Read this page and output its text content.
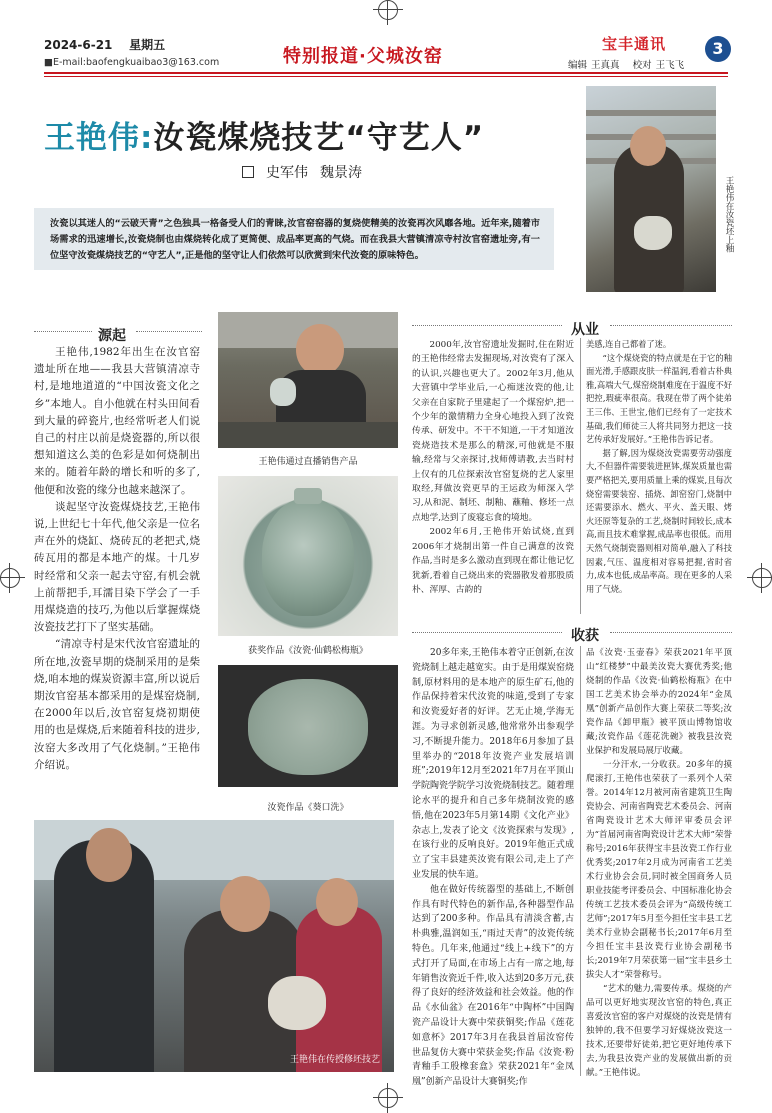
2024-6-21 星期五
■E-mail:baofengkuaibao3@163.com	特别报道·父城汝窑
宝丰通讯	3
编辑 王真真 校对 王飞飞
王艳伟:汝瓷煤烧技艺“守艺人”
史军伟 魏景涛
汝瓷以其迷人的“云破天青”之色独具一格备受人们的青睐,汝官窑窑器的复烧使精美的汝瓷再次风靡各地。近年来,随着市场需求的迅速增长,汝瓷烧制也由煤烧转化成了更简便、成品率更高的气烧。而在我县大营镇清凉寺村汝官窑遗址旁,有一位坚守汝瓷煤烧技艺的“守艺人”,正是他的坚守让人们依然可以欣赏到宋代汝瓷的原味特色。
王艳伟在汝瓷坯上釉
源起

王艳伟,1982年出生在汝官窑遗址所在地——我县大营镇清凉寺村,是地地道道的“中国汝瓷文化之乡”本地人。自小他就在村头田间看到大量的碎瓷片,也经常听老人们说自己的村庄以前是烧瓷器的,所以很想知道这么美的色彩是如何烧制出来的。随着年龄的增长和听的多了,他便和汝瓷的缘分也越来越深了。

谈起坚守汝瓷煤烧技艺,王艳伟说,上世纪七十年代,他父亲是一位名声在外的烧缸、烧砖瓦的老把式,烧砖瓦用的都是本地产的煤。十几岁时经常和父亲一起去守窑,有机会就上前帮把手,耳濡目染下学会了一手用煤烧造的技巧,为他以后掌握煤烧汝瓷技艺打下了坚实基础。

“清凉寺村是宋代汝官窑遗址的所在地,汝瓷早期的烧制采用的是柴烧,咱本地的煤炭资源丰富,所以说后期汝官窑基本都采用的是煤窑烧制,在2000年以后,汝官窑复烧初期使用的也是煤烧,后来随着科技的进步,汝窑大多改用了气化烧制。”王艳伟介绍说。

王艳伟通过直播销售产品
获奖作品《汝瓷·仙鹤松梅瓶》
汝瓷作品《葵口洗》
王艳伟在传授修坯技艺
从业

2000年,汝官窑遗址发掘时,住在附近的王艳伟经常去发掘现场,对汝瓷有了深入的认识,兴趣也更大了。2002年3月,他从大营镇中学毕业后,一心痴迷汝瓷的他,让父亲在自家院子里建起了一个煤窑炉,把一个少年的激情精力全身心地投入到了汝瓷传承、研发中。不干不知道,一干才知道汝瓷烧造技术是那么的精深,可他就是不服输,经常与父亲探讨,找师傅请教,去当时村上仅有的几位探索汝官窑复烧的艺人家里取经,拜做汝瓷更早的王运政为师深入学习,从和泥、制坯、制釉、蘸釉、修坯一点点地学,达到了废寝忘食的境地。

2002年6月,王艳伟开始试烧,直到2006年才烧制出第一件自己满意的汝瓷作品,当时是多么激动直到现在都让他记忆犹新,看着自己烧出来的瓷器散发着那股质朴、浑厚、古韵的

美感,连自己都着了迷。

“这个煤烧瓷的特点就是在于它的釉面光滑,手感跟皮肤一样温润,看着古朴典雅,高端大气,煤窑烧制难度在于温度不好把控,瑕疵率很高。我现在带了两个徒弟王三伟、王世宝,他们已经有了一定技术基础,我们师徒三人将共同努力把这一技艺传承好发展好。”王艳伟告诉记者。

据了解,因为煤烧汝瓷需要劳动强度大,不但器件需要装进匣钵,煤炭质量也需要严格把关,要用质量上乘的煤炭,且每次烧窑需要装窑、插烧、卸窑窑门,烧制中还需要添水、燃火、平火、盖天眼、烤火还原等复杂的工艺,烧制时间较长,成本高,而且技术难掌握,成品率也很低。而用天然气烧制瓷器则相对简单,融入了科技因素,气压、温度相对容易把握,省时省力,成本也低,成品率高。现在更多的人采用了气烧。

收获

20多年来,王艳伟本着守正创新,在汝瓷烧制上越走越宽实。由于是用煤炭窑烧制,原材料用的是本地产的原生矿石,他的作品保持着宋代汝瓷的味道,受到了专家和汝瓷爱好者的好评。艺无止境,学海无涯。为寻求创新灵感,他常常外出参观学习,不断提升能力。2018年6月参加了县里举办的“2018年汝瓷产业发展培训班”;2019年12月至2021年7月在平顶山学院陶瓷学院学习汝瓷烧制技艺。随着理论水平的提升和自己多年烧制汝瓷的感悟,他在2023年5月第14期《文化产业》杂志上,发表了论文《汝瓷探索与发现》,在该行业的反响良好。2019年他正式成立了宝丰县建英汝瓷有限公司,走上了产业发展的快车道。

他在做好传统器型的基础上,不断创作具有时代特色的新作品,各种器型作品达到了200多种。作品具有清淡含蓄,古朴典雅,温润如玉,“雨过天青”的汝瓷传统特色。几年来,他通过“线上+线下”的方式打开了局面,在市场上占有一席之地,每年销售汝瓷近千件,收入达到20多万元,获得了良好的经济效益和社会效益。他的作品《水仙盆》在2016年“中陶杯”中国陶瓷产品设计大赛中荣获铜奖;作品《莲花如意杯》2017年3月在我县首届汝窑传世品复仿大赛中荣获金奖;作品《汝瓷·粉青釉手工殷橡套盒》荣获2021年“金凤凰”创新产品设计大赛铜奖;作

品《汝瓷·玉壶春》荣获2021年平顶山“红楼梦”中最美汝瓷大赛优秀奖;他烧制的作品《汝瓷·仙鹤松梅瓶》在中国工艺美术协会举办的2024年“金凤凰”创新产品创作大赛上荣获二等奖;汝瓷作品《卸甲瓶》被平顶山博物馆收藏;汝瓷作品《莲花洗碗》被我县汝瓷业保护和发展局展厅收藏。

一分汗水,一分收获。20多年的摸爬滚打,王艳伟也荣获了一系列个人荣誉。2014年12月被河南省建筑卫生陶瓷协会、河南省陶瓷艺术委员会、河南省陶瓷设计艺术大师评审委员会评为“首届河南省陶瓷设计艺术大师”荣誉称号;2016年获得宝丰县汝瓷工作行业优秀奖;2017年2月成为河南省工艺美术行业协会会员,同时被全国商务人员职业技能考评委员会、中国标准化协会传统工艺技术委员会评为“高级传统工艺师”;2017年5月至今担任宝丰县工艺美术行业协会副秘书长;2017年6月至今担任宝丰县汝瓷行业协会副秘书长;2019年7月荣获第一届“宝丰县乡土拔尖人才”荣誉称号。

“艺术的魅力,需要传承。煤烧的产品可以更好地实现汝官窑的特色,真正喜爱汝官窑的客户对煤烧的汝瓷是情有独钟的,我不但要学习好煤烧汝瓷这一技术,还要带好徒弟,把它更好地传承下去,为我县汝瓷产业的发展做出新的贡献。”王艳伟说。
